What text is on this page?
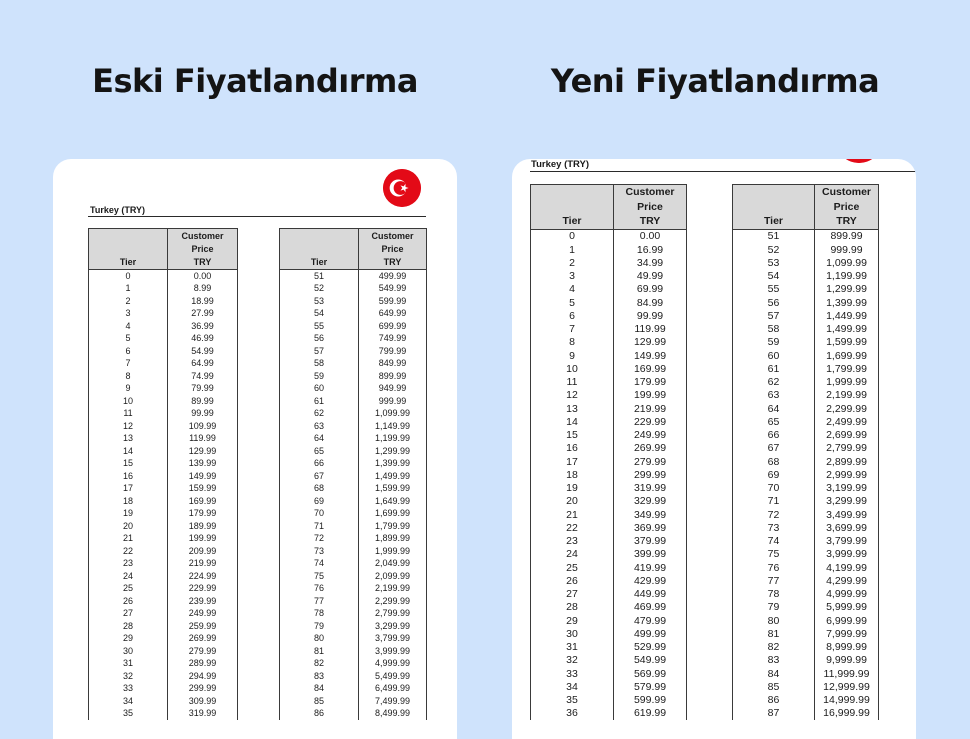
Eski Fiyatlandırma	Yeni Fiyatlandırma
Turkey (TRY)
Tier	Customer
Price
TRY

0	0.00
1	8.99
2	18.99
3	27.99
4	36.99
5	46.99
6	54.99
7	64.99
8	74.99
9	79.99
10	89.99
11	99.99
12	109.99
13	119.99
14	129.99
15	139.99
16	149.99
17	159.99
18	169.99
19	179.99
20	189.99
21	199.99
22	209.99
23	219.99
24	224.99
25	229.99
26	239.99
27	249.99
28	259.99
29	269.99
30	279.99
31	289.99
32	294.99
33	299.99
34	309.99
35	319.99
Tier	Customer
Price
TRY

51	499.99
52	549.99
53	599.99
54	649.99
55	699.99
56	749.99
57	799.99
58	849.99
59	899.99
60	949.99
61	999.99
62	1,099.99
63	1,149.99
64	1,199.99
65	1,299.99
66	1,399.99
67	1,499.99
68	1,599.99
69	1,649.99
70	1,699.99
71	1,799.99
72	1,899.99
73	1,999.99
74	2,049.99
75	2,099.99
76	2,199.99
77	2,299.99
78	2,799.99
79	3,299.99
80	3,799.99
81	3,999.99
82	4,999.99
83	5,499.99
84	6,499.99
85	7,499.99
86	8,499.99
Turkey (TRY)
Tier	Customer
Price
TRY

0	0.00
1	16.99
2	34.99
3	49.99
4	69.99
5	84.99
6	99.99
7	119.99
8	129.99
9	149.99
10	169.99
11	179.99
12	199.99
13	219.99
14	229.99
15	249.99
16	269.99
17	279.99
18	299.99
19	319.99
20	329.99
21	349.99
22	369.99
23	379.99
24	399.99
25	419.99
26	429.99
27	449.99
28	469.99
29	479.99
30	499.99
31	529.99
32	549.99
33	569.99
34	579.99
35	599.99
36	619.99
Tier	Customer
Price
TRY

51	899.99
52	999.99
53	1,099.99
54	1,199.99
55	1,299.99
56	1,399.99
57	1,449.99
58	1,499.99
59	1,599.99
60	1,699.99
61	1,799.99
62	1,999.99
63	2,199.99
64	2,299.99
65	2,499.99
66	2,699.99
67	2,799.99
68	2,899.99
69	2,999.99
70	3,199.99
71	3,299.99
72	3,499.99
73	3,699.99
74	3,799.99
75	3,999.99
76	4,199.99
77	4,299.99
78	4,999.99
79	5,999.99
80	6,999.99
81	7,999.99
82	8,999.99
83	9,999.99
84	11,999.99
85	12,999.99
86	14,999.99
87	16,999.99
